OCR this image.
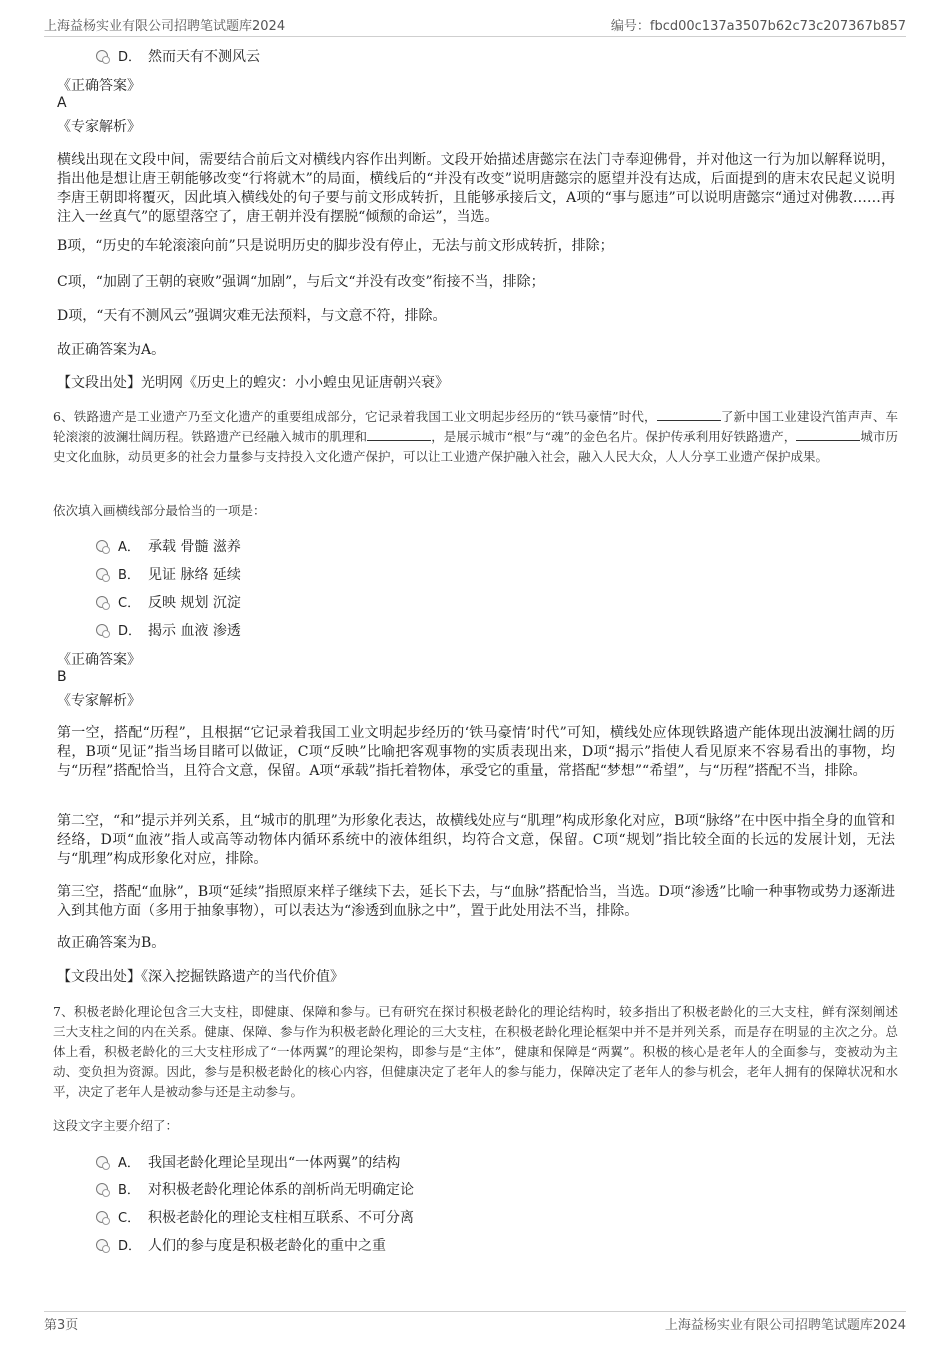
上海益杨实业有限公司招聘笔试题库2024	编号：fbcd00c137a3507b62c73c207367b857
D． 然而天有不测风云
《正确答案》
A
《专家解析》
横线出现在文段中间，需要结合前后文对横线内容作出判断。文段开始描述唐懿宗在法门寺奉迎佛骨，并对他这一行为加以解释说明，指出他是想让唐王朝能够改变“行将就木”的局面，横线后的“并没有改变”说明唐懿宗的愿望并没有达成，后面提到的唐末农民起义说明李唐王朝即将覆灭，因此填入横线处的句子要与前文形成转折，且能够承接后文，A项的“事与愿违”可以说明唐懿宗“通过对佛教……再注入一丝真气”的愿望落空了，唐王朝并没有摆脱“倾颓的命运”，当选。
B项，“历史的车轮滚滚向前”只是说明历史的脚步没有停止，无法与前文形成转折，排除；
C项，“加剧了王朝的衰败”强调“加剧”，与后文“并没有改变”衔接不当，排除；
D项，“天有不测风云”强调灾难无法预料，与文意不符，排除。
故正确答案为A。
【文段出处】光明网《历史上的蝗灾：小小蝗虫见证唐朝兴衰》
6、铁路遗产是工业遗产乃至文化遗产的重要组成部分，它记录着我国工业文明起步经历的“铁马豪情”时代，	了新中国工业建设汽笛声声、车轮滚滚的波澜壮阔历程。铁路遗产已经融入城市的肌理和	，是展示城市“根”与“魂”的金色名片。保护传承利用好铁路遗产，	城市历史文化血脉，动员更多的社会力量参与支持投入文化遗产保护，可以让工业遗产保护融入社会，融入人民大众，人人分享工业遗产保护成果。
依次填入画横线部分最恰当的一项是：
A． 承载 骨髓 滋养
B． 见证 脉络 延续
C． 反映 规划 沉淀
D． 揭示 血液 渗透
《正确答案》
B
《专家解析》
第一空，搭配“历程”，且根据“它记录着我国工业文明起步经历的‘铁马豪情’时代”可知，横线处应体现铁路遗产能体现出波澜壮阔的历程，B项“见证”指当场目睹可以做证，C项“反映”比喻把客观事物的实质表现出来，D项“揭示”指使人看见原来不容易看出的事物，均与“历程”搭配恰当，且符合文意，保留。A项“承载”指托着物体，承受它的重量，常搭配“梦想”“希望”，与“历程”搭配不当，排除。
第二空，“和”提示并列关系，且“城市的肌理”为形象化表达，故横线处应与“肌理”构成形象化对应，B项“脉络”在中医中指全身的血管和经络，D项“血液”指人或高等动物体内循环系统中的液体组织，均符合文意，保留。C项“规划”指比较全面的长远的发展计划，无法与“肌理”构成形象化对应，排除。
第三空，搭配“血脉”，B项“延续”指照原来样子继续下去，延长下去，与“血脉”搭配恰当，当选。D项“渗透”比喻一种事物或势力逐渐进入到其他方面（多用于抽象事物），可以表达为“渗透到血脉之中”，置于此处用法不当，排除。
故正确答案为B。
【文段出处】《深入挖掘铁路遗产的当代价值》
7、积极老龄化理论包含三大支柱，即健康、保障和参与。已有研究在探讨积极老龄化的理论结构时，较多指出了积极老龄化的三大支柱，鲜有深刻阐述三大支柱之间的内在关系。健康、保障、参与作为积极老龄化理论的三大支柱，在积极老龄化理论框架中并不是并列关系，而是存在明显的主次之分。总体上看，积极老龄化的三大支柱形成了“一体两翼”的理论架构，即参与是“主体”，健康和保障是“两翼”。积极的核心是老年人的全面参与，变被动为主动、变负担为资源。因此，参与是积极老龄化的核心内容，但健康决定了老年人的参与能力，保障决定了老年人的参与机会，老年人拥有的保障状况和水平，决定了老年人是被动参与还是主动参与。
这段文字主要介绍了：
A． 我国老龄化理论呈现出“一体两翼”的结构
B． 对积极老龄化理论体系的剖析尚无明确定论
C． 积极老龄化的理论支柱相互联系、不可分离
D． 人们的参与度是积极老龄化的重中之重
第3页	上海益杨实业有限公司招聘笔试题库2024
